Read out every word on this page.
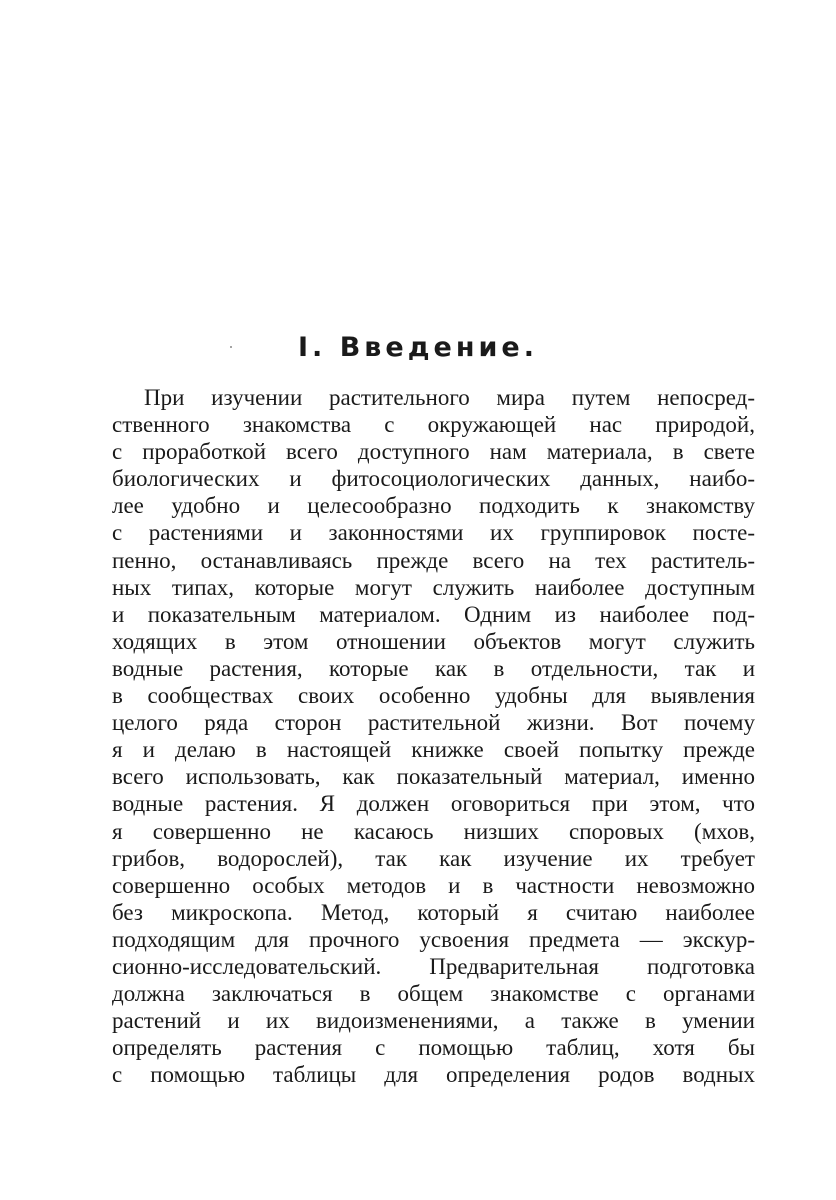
I. Введение.
При изучении растительного мира путем непосред-
ственного знакомства с окружающей нас природой,
с проработкой всего доступного нам материала, в свете
биологических и фитосоциологических данных, наибо-
лее удобно и целесообразно подходить к знакомству
с растениями и законностями их группировок посте-
пенно, останавливаясь прежде всего на тех раститель-
ных типах, которые могут служить наиболее доступным
и показательным материалом. Одним из наиболее под-
ходящих в этом отношении объектов могут служить
водные растения, которые как в отдельности, так и
в сообществах своих особенно удобны для выявления
целого ряда сторон растительной жизни. Вот почему
я и делаю в настоящей книжке своей попытку прежде
всего использовать, как показательный материал, именно
водные растения. Я должен оговориться при этом, что
я совершенно не касаюсь низших споровых (мхов,
грибов, водорослей), так как изучение их требует
совершенно особых методов и в частности невозможно
без микроскопа. Метод, который я считаю наиболее
подходящим для прочного усвоения предмета — экскур-
сионно-исследовательский. Предварительная подготовка
должна заключаться в общем знакомстве с органами
растений и их видоизменениями, а также в умении
определять растения с помощью таблиц, хотя бы
с помощью таблицы для определения родов водных
